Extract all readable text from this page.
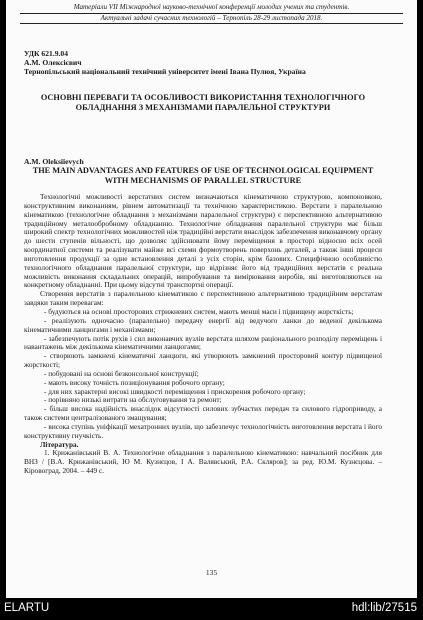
Матеріали VII Міжнародної науково-технічної конференції молодих учених та студентів.
Актуальні задачі сучасних технологій – Тернопіль 28-29 листопада 2018.
УДК 621.9.04
А.М. Олексієвич
Тернопільський національний технічний університет імені Івана Пулюя, Україна
ОСНОВНІ ПЕРЕВАГИ ТА ОСОБЛИВОСТІ ВИКОРИСТАННЯ ТЕХНОЛОГІЧНОГО ОБЛАДНАННЯ З МЕХАНІЗМАМИ ПАРАЛЕЛЬНОЇ СТРУКТУРИ
A.M. Oleksiievych
THE MAIN ADVANTAGES AND FEATURES OF USE OF TECHNOLOGICAL EQUIPMENT WITH MECHANISMS OF PARALLEL STRUCTURE

Технологічні можливості верстатних систем визначаються кінематичною структурою, компоновкою, конструктивним виконанням, рівнем автоматизації та технічною характеристикою. Верстати з паралельною кінематикою (технологічне обладнання з механізмами паралельної структури) є перспективною альтернативою традиційному металообробному обладнанню. Технологічне обладнання паралельної структури має більш широкий спектр технологічних можливостей ніж традиційні верстати внаслідок забезпечення виконавчому органу до шести ступенів вільності, що дозволяє здійснювати йому переміщення в просторі відносно всіх осей координатної системи та реалізувати майже всі схеми формоутворень поверхонь деталей, а також інші процеси виготовлення продукції за одне встановлення деталі з усіх сторін, крім базових. Специфічною особливістю технологічного обладнання паралельної структури, що відрізняє його від традиційних верстатів є реальна можливість виконання складальних операцій, випробування та вимірювання виробів, які виготовляються на конкретному обладнанні. При цьому відсутні транспортні операції.

Створення верстатів з паралельною кінематикою є перспективною альтернативою традиційним верстатам завдяки таким перевагам:

- будуються на основі просторових стрижневих систем, мають менші маси і підвищену жорсткість;

- реалізують одночасно (паралельно) передачу енергії від ведучого ланки до веденої декількома кінематичними ланцюгами і механізмами;

- забезпечують потік рухів і сил виконавчих вузлів верстата шляхом раціонального розподілу переміщень і навантажень між декількома кінематичними ланцюгами;

- створюють замкнені кінематичні ланцюги, які утворюють замкнений просторовий контур підвищеної жорсткості;

- побудовані на основі безконсольної конструкції;

- мають високу точність позиціонування робочого органу;

- для них характерні високі швидкості переміщення і прискорення робочого органу;

- порівняно низькі витрати на обслуговування та ремонт;

- більш висока надійність внаслідок відсутності силових зубчастих передач та силового гідроприводу, а також системи централізованого змащування;

- висока ступінь уніфікації мехатронних вузлів, що забезпечує технологічність виготовлення верстата і його конструктивну гнучкість.

Література.

1. Крижанівський В. А. Технологічне обладнання з паралельною кінематикою: навчальний посібник для ВНЗ / [В.А. Крижанівський, Ю М. Кузнєцов, І А. Валявський, Р.А. Скляров]; за ред. Ю.М. Кузнєцова. – Кіровоград, 2004. – 449 с.

135
ELARTU	hdl:lib/27515
